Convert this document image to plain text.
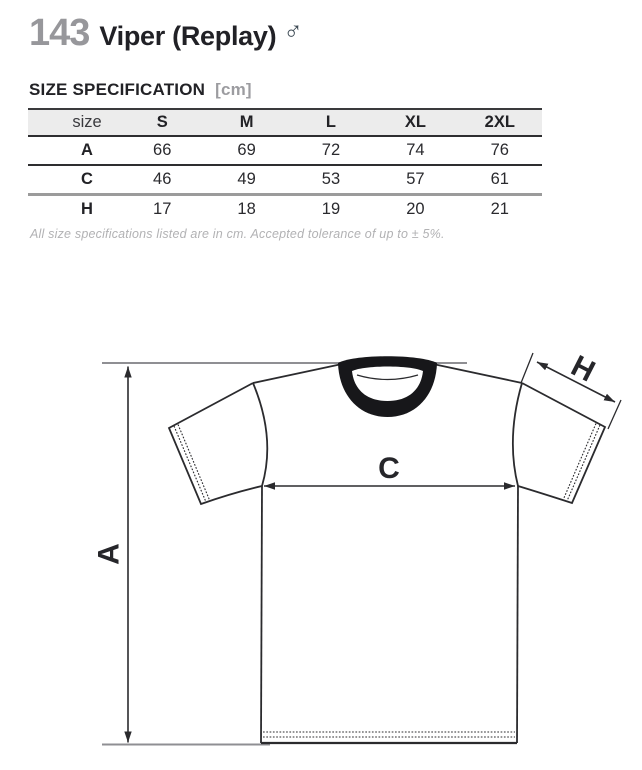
143 Viper (Replay) ♂
SIZE SPECIFICATION [cm]
size	S	M	L	XL	2XL
A	66	69	72	74	76
C	46	49	53	57	61
H	17	18	19	20	21
All size specifications listed are in cm. Accepted tolerance of up to ± 5%.
A
C
H
